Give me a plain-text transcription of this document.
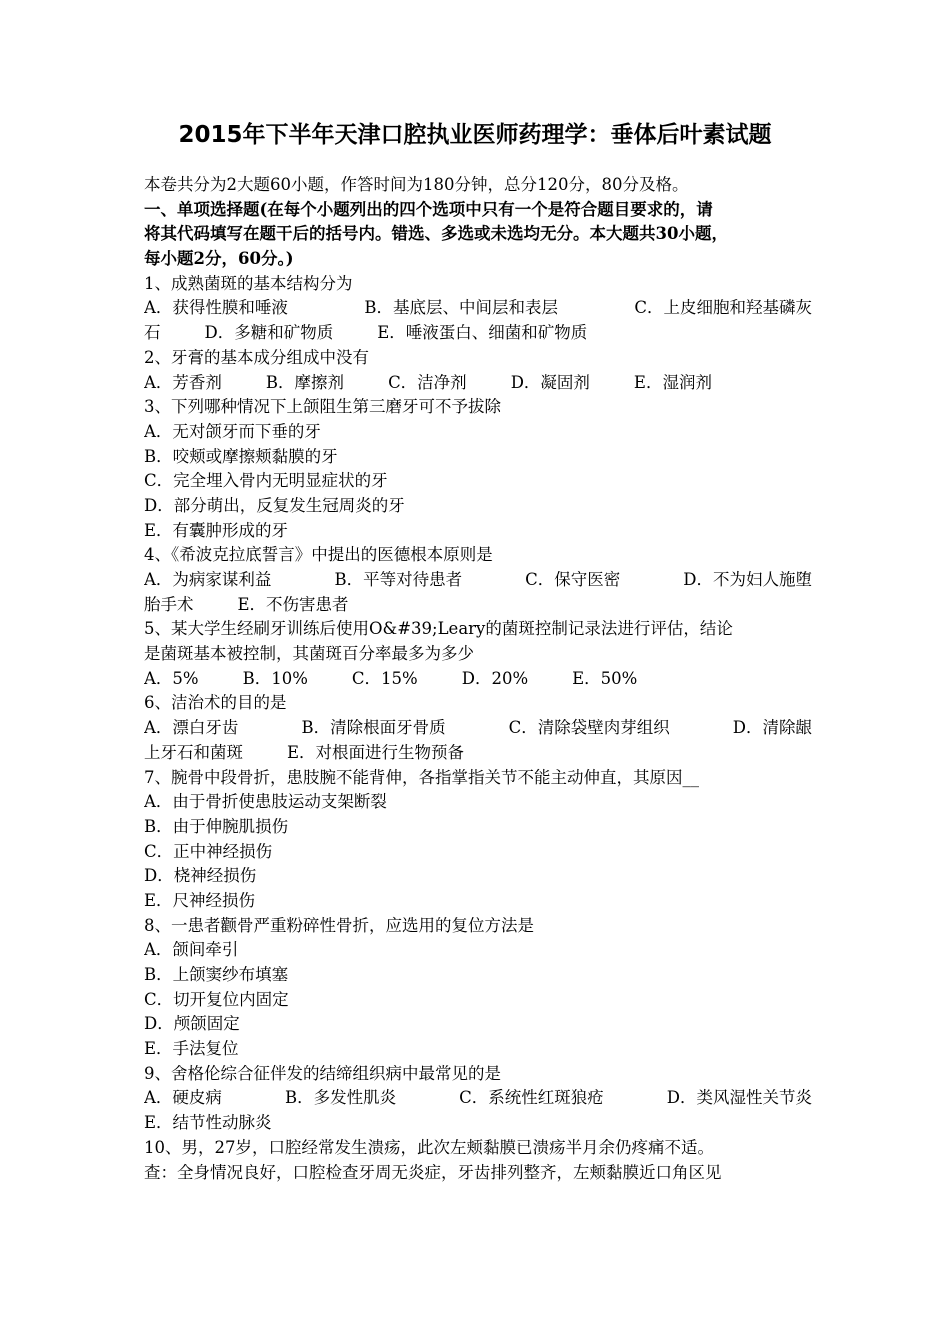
2015年下半年天津口腔执业医师药理学：垂体后叶素试题
本卷共分为2大题60小题，作答时间为180分钟，总分120分，80分及格。
一、单项选择题(在每个小题列出的四个选项中只有一个是符合题目要求的，请
将其代码填写在题干后的括号内。错选、多选或未选均无分。本大题共30小题，
每小题2分，60分。)
1、成熟菌斑的基本结构分为
A．获得性膜和唾液	B．基底层、中间层和表层	C．上皮细胞和羟基磷灰
石	D．多糖和矿物质	E．唾液蛋白、细菌和矿物质
2、牙膏的基本成分组成中没有
A．芳香剂	B．摩擦剂	C．洁净剂	D．凝固剂	E．湿润剂
3、下列哪种情况下上颌阻生第三磨牙可不予拔除
A．无对颌牙而下垂的牙
B．咬颊或摩擦颊黏膜的牙
C．完全埋入骨内无明显症状的牙
D．部分萌出，反复发生冠周炎的牙
E．有囊肿形成的牙
4、《希波克拉底誓言》中提出的医德根本原则是
A．为病家谋利益	B．平等对待患者	C．保守医密	D．不为妇人施堕
胎手术	E．不伤害患者
5、某大学生经刷牙训练后使用O&#39;Leary的菌斑控制记录法进行评估，结论
是菌斑基本被控制，其菌斑百分率最多为多少
A．5%	B．10%	C．15%	D．20%	E．50%
6、洁治术的目的是
A．漂白牙齿	B．清除根面牙骨质	C．清除袋壁肉芽组织	D．清除龈
上牙石和菌斑	E．对根面进行生物预备
7、腕骨中段骨折，患肢腕不能背伸，各指掌指关节不能主动伸直，其原因__
A．由于骨折使患肢运动支架断裂
B．由于伸腕肌损伤
C．正中神经损伤
D．桡神经损伤
E．尺神经损伤
8、一患者颧骨严重粉碎性骨折，应选用的复位方法是
A．颌间牵引
B．上颌窦纱布填塞
C．切开复位内固定
D．颅颌固定
E．手法复位
9、舍格伦综合征伴发的结缔组织病中最常见的是
A．硬皮病	B．多发性肌炎	C．系统性红斑狼疮	D．类风湿性关节炎
E．结节性动脉炎
10、男，27岁，口腔经常发生溃疡，此次左颊黏膜已溃疡半月余仍疼痛不适。
查：全身情况良好，口腔检查牙周无炎症，牙齿排列整齐，左颊黏膜近口角区见
